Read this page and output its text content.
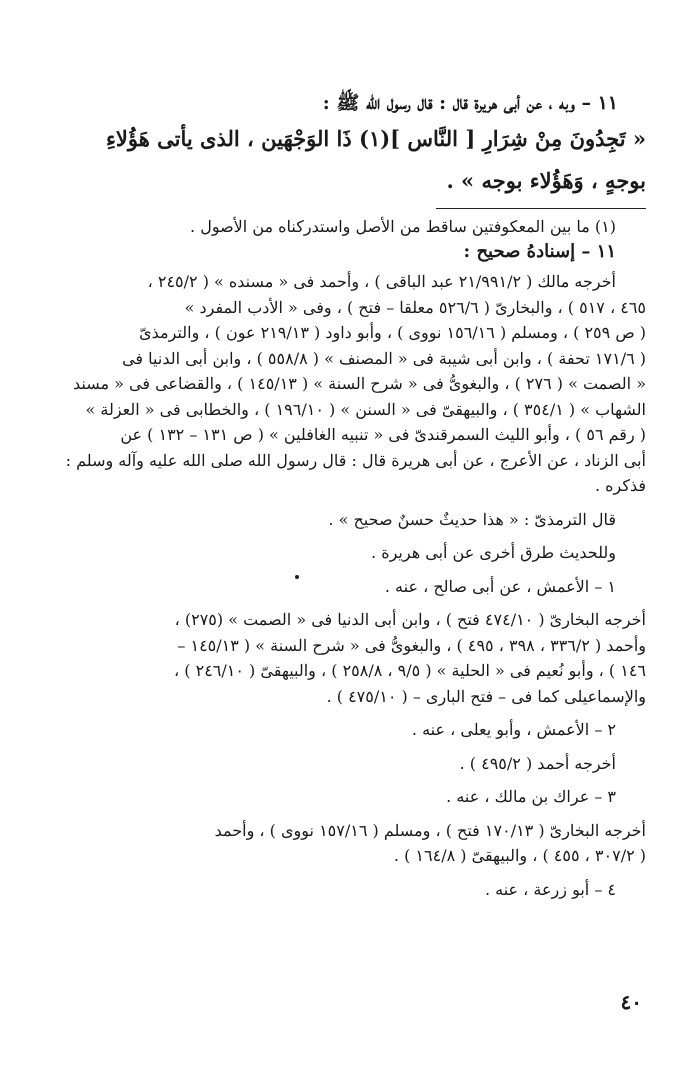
١١ – وبه ، عن أبى هريرة قال : قال رسول الله ﷺ :
« تَجِدُونَ مِنْ شِرَارِ [ النَّاس ](١) ذَا الوَجْهَين ، الذى يأتى هَؤُلاءِ
بوجهٍ ، وَهَؤُلاء بوجه » .
(١) ما بين المعكوفتين ساقط من الأصل واستدركناه من الأصول .
١١ – إسنادهُ صحيح :
أخرجه مالك ( ٢١/٩٩١/٢ عبد الباقى ) ، وأحمد فى « مسنده » ( ٢٤٥/٢ ،
٤٦٥ ، ٥١٧ ) ، والبخارىّ ( ٥٢٦/٦ معلقا – فتح ) ، وفى « الأدب المفرد »
( ص ٢٥٩ ) ، ومسلم ( ١٥٦/١٦ نووى ) ، وأبو داود ( ٢١٩/١٣ عون ) ، والترمذىّ
( ١٧١/٦ تحفة ) ، وابن أبى شيبة فى « المصنف » ( ٥٥٨/٨ ) ، وابن أبى الدنيا فى
« الصمت » ( ٢٧٦ ) ، والبغوىُّ فى « شرح السنة » ( ١٤٥/١٣ ) ، والقضاعى فى « مسند
الشهاب » ( ٣٥٤/١ ) ، والبيهقىّ فى « السنن » ( ١٩٦/١٠ ) ، والخطابى فى « العزلة »
( رقم ٥٦ ) ، وأبو الليث السمرقندىّ فى « تنبيه الغافلين » ( ص ١٣١ – ١٣٢ ) عن
أبى الزناد ، عن الأعرج ، عن أبى هريرة قال : قال رسول الله صلى الله عليه وآله وسلم :
فذكره .
قال الترمذىّ : « هذا حديثٌ حسنٌ صحيح » .
وللحديث طرق أخرى عن أبى هريرة .
١ – الأعمش ، عن أبى صالح ، عنه .
أخرجه البخارىّ ( ٤٧٤/١٠ فتح ) ، وابن أبى الدنيا فى « الصمت » (٢٧٥) ،
وأحمد ( ٣٣٦/٢ ، ٣٩٨ ، ٤٩٥ ) ، والبغوىُّ فى « شرح السنة » ( ١٤٥/١٣ –
١٤٦ ) ، وأبو نُعيم فى « الحلية » ( ٩/٥ ، ٢٥٨/٨ ) ، والبيهقىّ ( ٢٤٦/١٠ ) ،
والإسماعيلى كما فى – فتح البارى – ( ٤٧٥/١٠ ) .
٢ – الأعمش ، وأبو يعلى ، عنه .
أخرجه أحمد ( ٤٩٥/٢ ) .
٣ – عراك بن مالك ، عنه .
أخرجه البخارىّ ( ١٧٠/١٣ فتح ) ، ومسلم ( ١٥٧/١٦ نووى ) ، وأحمد
( ٣٠٧/٢ ، ٤٥٥ ) ، والبيهقىّ ( ١٦٤/٨ ) .
٤ – أبو زرعة ، عنه .
٤٠
